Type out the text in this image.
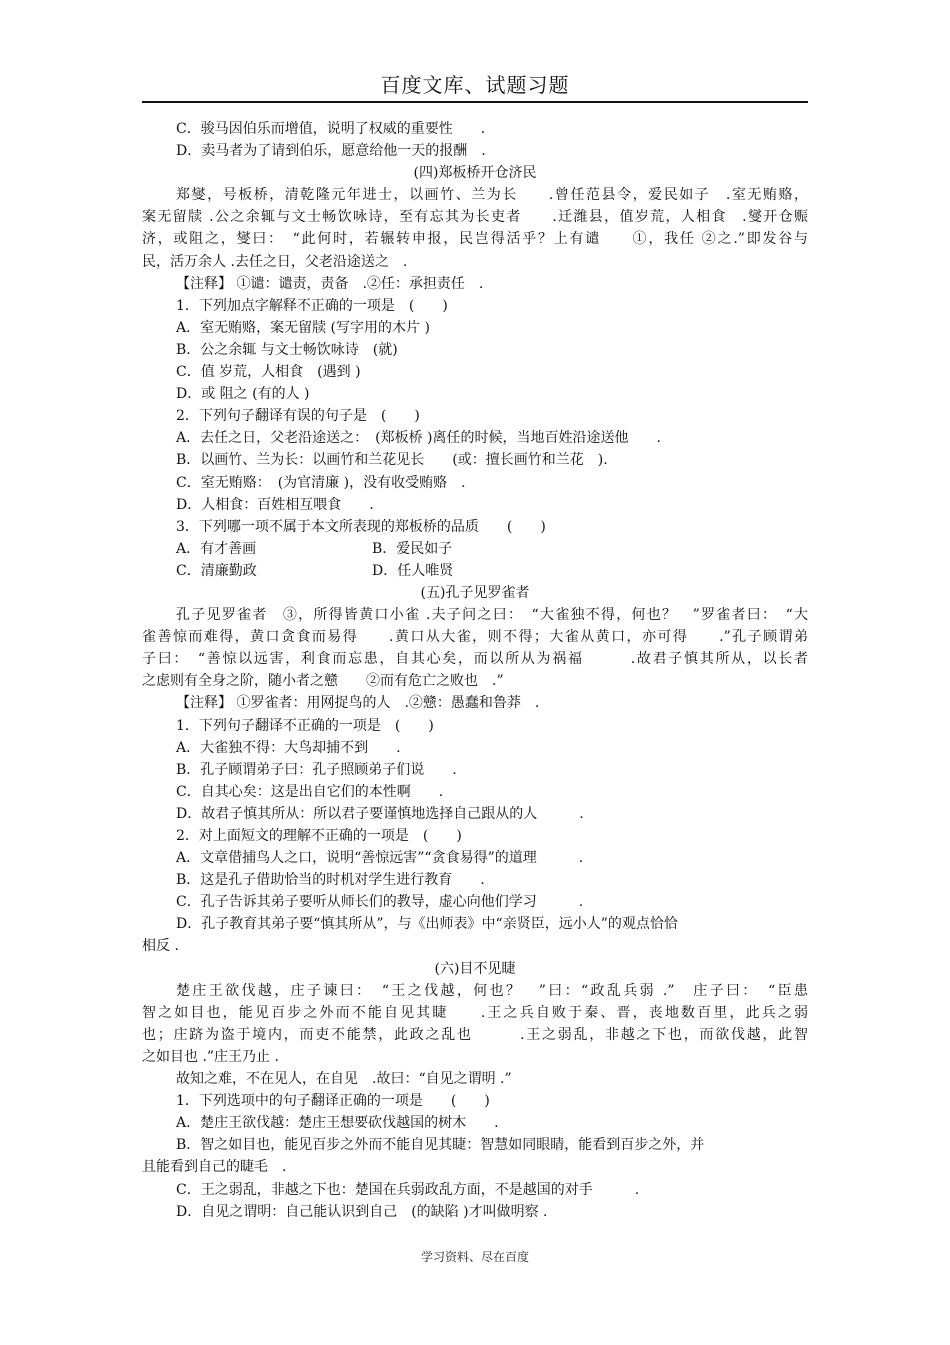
百度文库、试题习题
C．骏马因伯乐而增值，说明了权威的重要性　　.
D．卖马者为了请到伯乐，愿意给他一天的报酬　.
(四)郑板桥开仓济民
郑燮，号板桥，清乾隆元年进士，以画竹、兰为长　　.曾任范县令，爱民如子　.室无贿赂，
案无留牍 .公之余辄与文士畅饮咏诗，至有忘其为长吏者　　.迁潍县，值岁荒，人相食　.燮开仓赈
济，或阻之，燮曰：　“此何时，若辗转申报，民岂得活乎？上有谴　　①，我任 ②之.”即发谷与
民，活万余人 .去任之日，父老沿途送之　.
【注释】 ①谴：谴责，责备　.②任：承担责任　.
1．下列加点字解释不正确的一项是　(　　)
A．室无贿赂，案无留牍 (写字用的木片 )
B．公之余辄 与文士畅饮咏诗　(就)
C．值 岁荒，人相食　(遇到 )
D．或 阻之 (有的人 )
2．下列句子翻译有误的句子是　(　　)
A．去任之日，父老沿途送之：　(郑板桥 )离任的时候，当地百姓沿途送他　　.
B．以画竹、兰为长：以画竹和兰花见长　　(或：擅长画竹和兰花　).
C．室无贿赂：　(为官清廉 )，没有收受贿赂　.
D．人相食：百姓相互喂食　　.
3．下列哪一项不属于本文所表现的郑板桥的品质　　(　　)
A．有才善画	B．爱民如子
C．清廉勤政	D．任人唯贤
(五)孔子见罗雀者
孔子见罗雀者　③，所得皆黄口小雀 .夫子问之曰：　“大雀独不得，何也？　”罗雀者曰：　“大
雀善惊而难得，黄口贪食而易得　　.黄口从大雀，则不得；大雀从黄口，亦可得　　.”孔子顾谓弟
子曰：　“善惊以远害，利食而忘患，自其心矣，而以所从为祸福　　　.故君子慎其所从，以长者
之虑则有全身之阶，随小者之戆　　②而有危亡之败也　.”
【注释】 ①罗雀者：用网捉鸟的人　.②戆：愚蠢和鲁莽　.
1．下列句子翻译不正确的一项是　(　　)
A．大雀独不得：大鸟却捕不到　　.
B．孔子顾谓弟子曰：孔子照顾弟子们说　　.
C．自其心矣：这是出自它们的本性啊　　.
D．故君子慎其所从：所以君子要谨慎地选择自己跟从的人　　　.
2．对上面短文的理解不正确的一项是　(　　)
A．文章借捕鸟人之口，说明“善惊远害”“贪食易得”的道理　　　.
B．这是孔子借助恰当的时机对学生进行教育　　.
C．孔子告诉其弟子要听从师长们的教导，虚心向他们学习　　　.
D．孔子教育其弟子要“慎其所从”，与《出师表》中“亲贤臣，远小人”的观点恰恰
相反 .
(六)目不见睫
楚庄王欲伐越，庄子谏曰：　“王之伐越，何也？　”曰：“政乱兵弱 .”　庄子曰：　“臣患
智之如目也，能见百步之外而不能自见其睫　　.王之兵自败于秦、晋，丧地数百里，此兵之弱
也；庄跻为盗于境内，而吏不能禁，此政之乱也　　　.王之弱乱，非越之下也，而欲伐越，此智
之如目也 .”庄王乃止 .
故知之难，不在见人，在自见　.故曰：“自见之谓明 .”
1．下列选项中的句子翻译正确的一项是　　(　　)
A．楚庄王欲伐越：楚庄王想要砍伐越国的树木　　.
B．智之如目也，能见百步之外而不能自见其睫：智慧如同眼睛，能看到百步之外，并
且能看到自己的睫毛　.
C．王之弱乱，非越之下也：楚国在兵弱政乱方面，不是越国的对手　　　.
D．自见之谓明：自己能认识到自己　(的缺陷 )才叫做明察 .
学习资料、尽在百度
